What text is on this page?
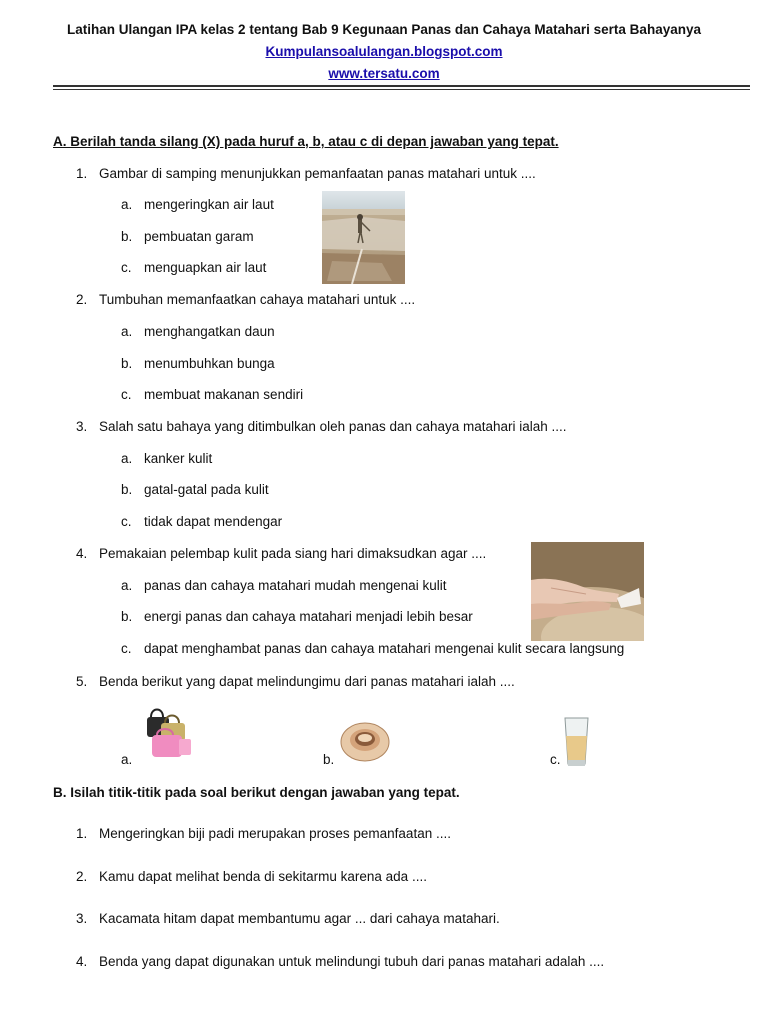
Latihan Ulangan IPA kelas 2 tentang Bab 9 Kegunaan Panas dan Cahaya Matahari serta Bahayanya
Kumpulansoalulangan.blogspot.com
www.tersatu.com
A. Berilah tanda silang (X) pada huruf a, b, atau c di depan jawaban yang tepat.
1. Gambar di samping menunjukkan pemanfaatan panas matahari untuk ....
a. mengeringkan air laut
b. pembuatan garam
c. menguapkan air laut
2. Tumbuhan memanfaatkan cahaya matahari untuk ....
a. menghangatkan daun
b. menumbuhkan bunga
c. membuat makanan sendiri
3. Salah satu bahaya yang ditimbulkan oleh panas dan cahaya matahari ialah ....
a. kanker kulit
b. gatal-gatal pada kulit
c. tidak dapat mendengar
4. Pemakaian pelembap kulit pada siang hari dimaksudkan agar ....
a. panas dan cahaya matahari mudah mengenai kulit
b. energi panas dan cahaya matahari menjadi lebih besar
c. dapat menghambat panas dan cahaya matahari mengenai kulit secara langsung
5. Benda berikut yang dapat melindungimu dari panas matahari ialah ....
a.	b.	c.
B. Isilah titik-titik pada soal berikut dengan jawaban yang tepat.
1. Mengeringkan biji padi merupakan proses pemanfaatan ....
2. Kamu dapat melihat benda di sekitarmu karena ada ....
3. Kacamata hitam dapat membantumu agar ... dari cahaya matahari.
4. Benda yang dapat digunakan untuk melindungi tubuh dari panas matahari adalah ....
